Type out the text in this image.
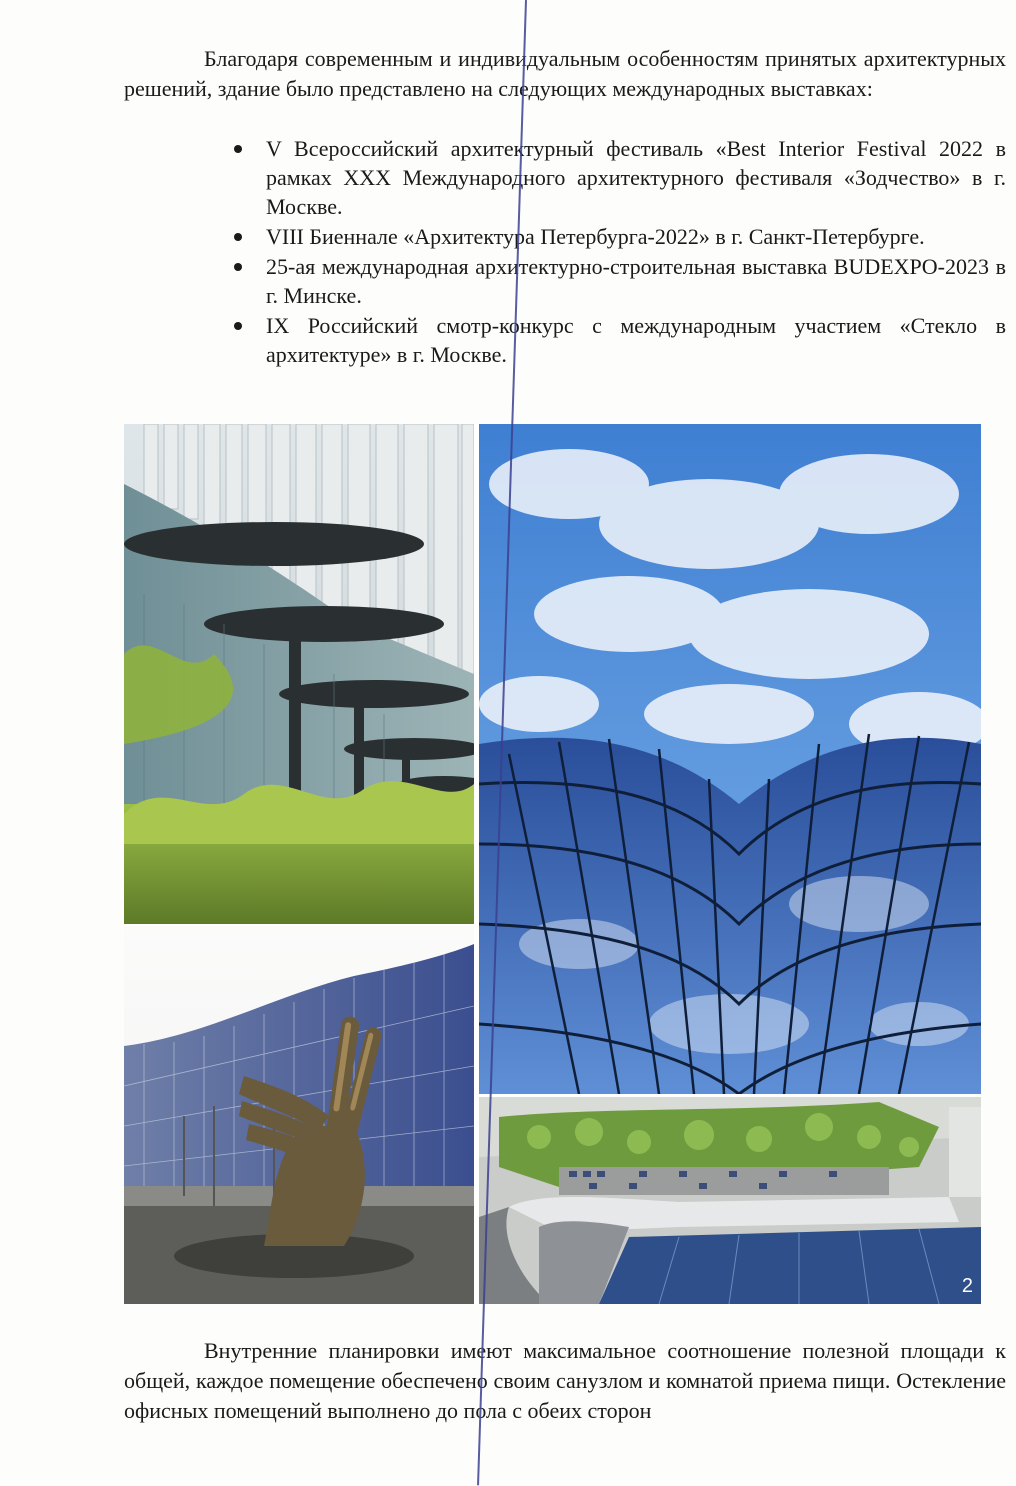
Благодаря современным и индивидуальным особенностям принятых архитектурных решений, здание было представлено на следующих международных выставках:

V Всероссийский архитектурный фестиваль «Best Interior Festival 2022 в рамках XXX Международного архитектурного фестиваля «Зодчество» в г. Москве.
VIII Биеннале «Архитектура Петербурга-2022» в г. Санкт-Петербурге.
25-ая международная архитектурно-строительная выставка BUDEXPO-2023 в г. Минске.
IX Российский смотр-конкурс с международным участием «Стекло в архитектуре» в г. Москве.
2

Внутренние планировки имеют максимальное соотношение полезной площади к общей, каждое помещение обеспечено своим санузлом и комнатой приема пищи. Остекление офисных помещений выполнено до пола с обеих сторон
